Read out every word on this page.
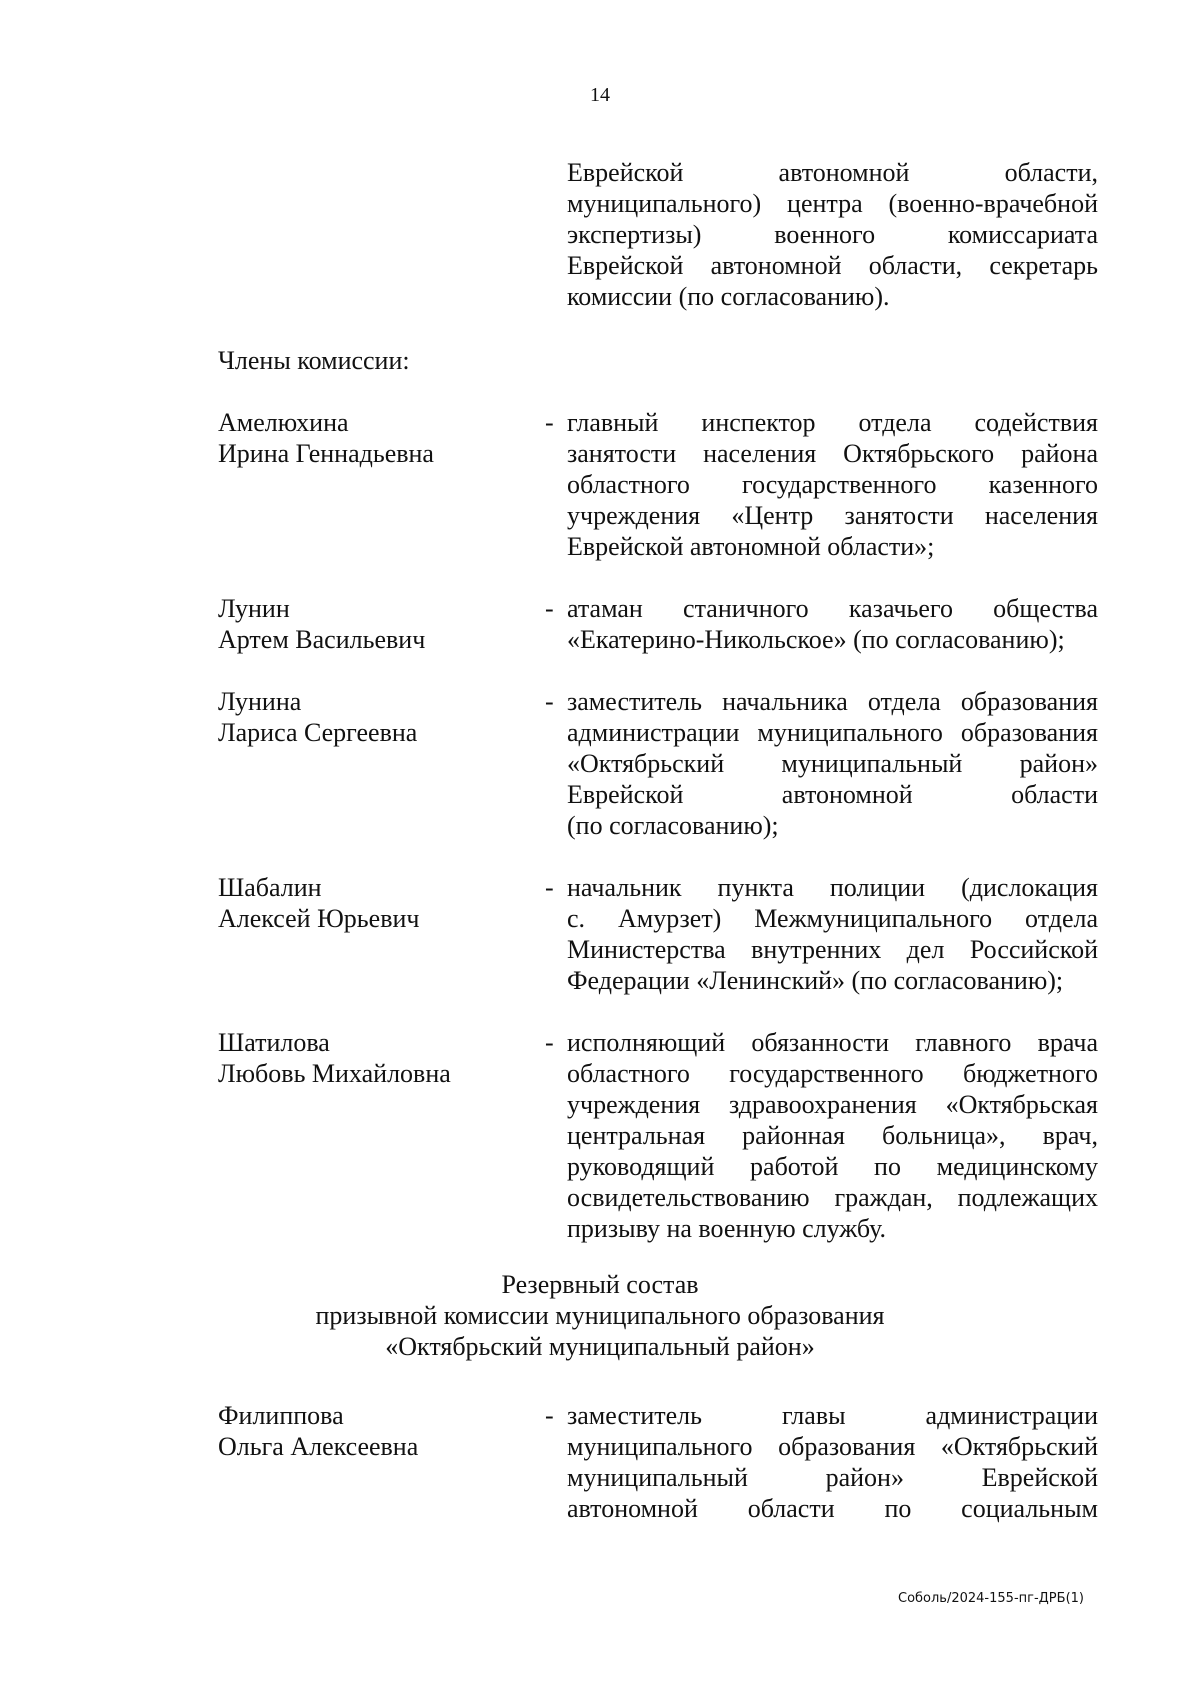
14
Еврейской автономной области,
муниципального) центра (военно-врачебной
экспертизы) военного комиссариата
Еврейской автономной области, секретарь
комиссии (по согласованию).
Члены комиссии:
Амелюхина
Ирина Геннадьевна
- главный инспектор отдела содействия
занятости населения Октябрьского района
областного государственного казенного
учреждения «Центр занятости населения
Еврейской автономной области»;
Лунин
Артем Васильевич
- атаман станичного казачьего общества
«Екатерино-Никольское» (по согласованию);
Лунина
Лариса Сергеевна
- заместитель начальника отдела образования
администрации муниципального образования
«Октябрьский муниципальный район»
Еврейской автономной области
(по согласованию);
Шабалин
Алексей Юрьевич
- начальник пункта полиции (дислокация
с. Амурзет) Межмуниципального отдела
Министерства внутренних дел Российской
Федерации «Ленинский» (по согласованию);
Шатилова
Любовь Михайловна
- исполняющий обязанности главного врача
областного государственного бюджетного
учреждения здравоохранения «Октябрьская
центральная районная больница», врач,
руководящий работой по медицинскому
освидетельствованию граждан, подлежащих
призыву на военную службу.
Резервный состав
призывной комиссии муниципального образования
«Октябрьский муниципальный район»
Филиппова
Ольга Алексеевна
- заместитель главы администрации
муниципального образования «Октябрьский
муниципальный район» Еврейской
автономной области по социальным
Соболь/2024-155-пг-ДРБ(1)
